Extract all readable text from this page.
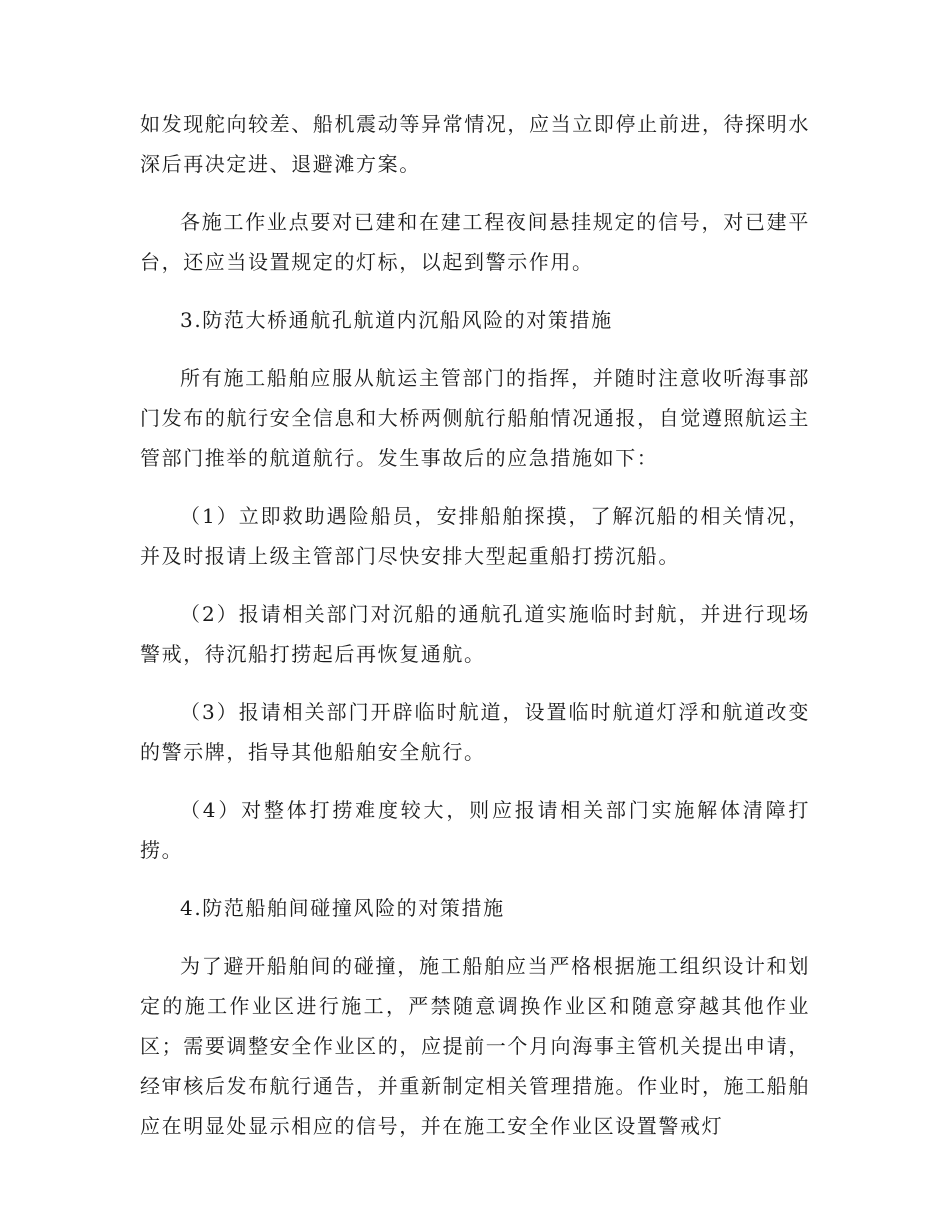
如发现舵向较差、船机震动等异常情况，应当立即停止前进，待探明水深后再决定进、退避滩方案。

各施工作业点要对已建和在建工程夜间悬挂规定的信号，对已建平台，还应当设置规定的灯标，以起到警示作用。

3.防范大桥通航孔航道内沉船风险的对策措施

所有施工船舶应服从航运主管部门的指挥，并随时注意收听海事部门发布的航行安全信息和大桥两侧航行船舶情况通报，自觉遵照航运主管部门推举的航道航行。发生事故后的应急措施如下：

（1）立即救助遇险船员，安排船舶探摸，了解沉船的相关情况，并及时报请上级主管部门尽快安排大型起重船打捞沉船。

（2）报请相关部门对沉船的通航孔道实施临时封航，并进行现场警戒，待沉船打捞起后再恢复通航。

（3）报请相关部门开辟临时航道，设置临时航道灯浮和航道改变的警示牌，指导其他船舶安全航行。

（4）对整体打捞难度较大，则应报请相关部门实施解体清障打捞。

4.防范船舶间碰撞风险的对策措施

为了避开船舶间的碰撞，施工船舶应当严格根据施工组织设计和划定的施工作业区进行施工，严禁随意调换作业区和随意穿越其他作业区；需要调整安全作业区的，应提前一个月向海事主管机关提出申请，经审核后发布航行通告，并重新制定相关管理措施。作业时，施工船舶应在明显处显示相应的信号，并在施工安全作业区设置警戒灯
